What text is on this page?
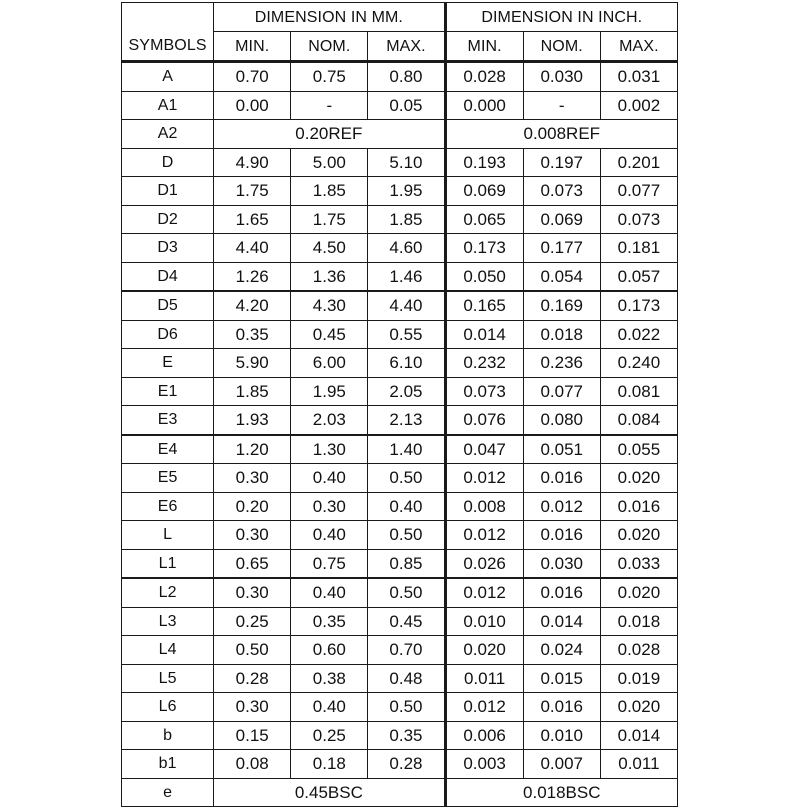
	DIMENSION IN MM.			DIMENSION IN INCH.		
SYMBOLS	MIN.	NOM.	MAX.	MIN.	NOM.	MAX.
A	0.70	0.75	0.80	0.028	0.030	0.031
A1	0.00	-	0.05	0.000	-	0.002
A2	0.20REF			0.008REF		
D	4.90	5.00	5.10	0.193	0.197	0.201
D1	1.75	1.85	1.95	0.069	0.073	0.077
D2	1.65	1.75	1.85	0.065	0.069	0.073
D3	4.40	4.50	4.60	0.173	0.177	0.181
D4	1.26	1.36	1.46	0.050	0.054	0.057
D5	4.20	4.30	4.40	0.165	0.169	0.173
D6	0.35	0.45	0.55	0.014	0.018	0.022
E	5.90	6.00	6.10	0.232	0.236	0.240
E1	1.85	1.95	2.05	0.073	0.077	0.081
E3	1.93	2.03	2.13	0.076	0.080	0.084
E4	1.20	1.30	1.40	0.047	0.051	0.055
E5	0.30	0.40	0.50	0.012	0.016	0.020
E6	0.20	0.30	0.40	0.008	0.012	0.016
L	0.30	0.40	0.50	0.012	0.016	0.020
L1	0.65	0.75	0.85	0.026	0.030	0.033
L2	0.30	0.40	0.50	0.012	0.016	0.020
L3	0.25	0.35	0.45	0.010	0.014	0.018
L4	0.50	0.60	0.70	0.020	0.024	0.028
L5	0.28	0.38	0.48	0.011	0.015	0.019
L6	0.30	0.40	0.50	0.012	0.016	0.020
b	0.15	0.25	0.35	0.006	0.010	0.014
b1	0.08	0.18	0.28	0.003	0.007	0.011
e	0.45BSC			0.018BSC		
